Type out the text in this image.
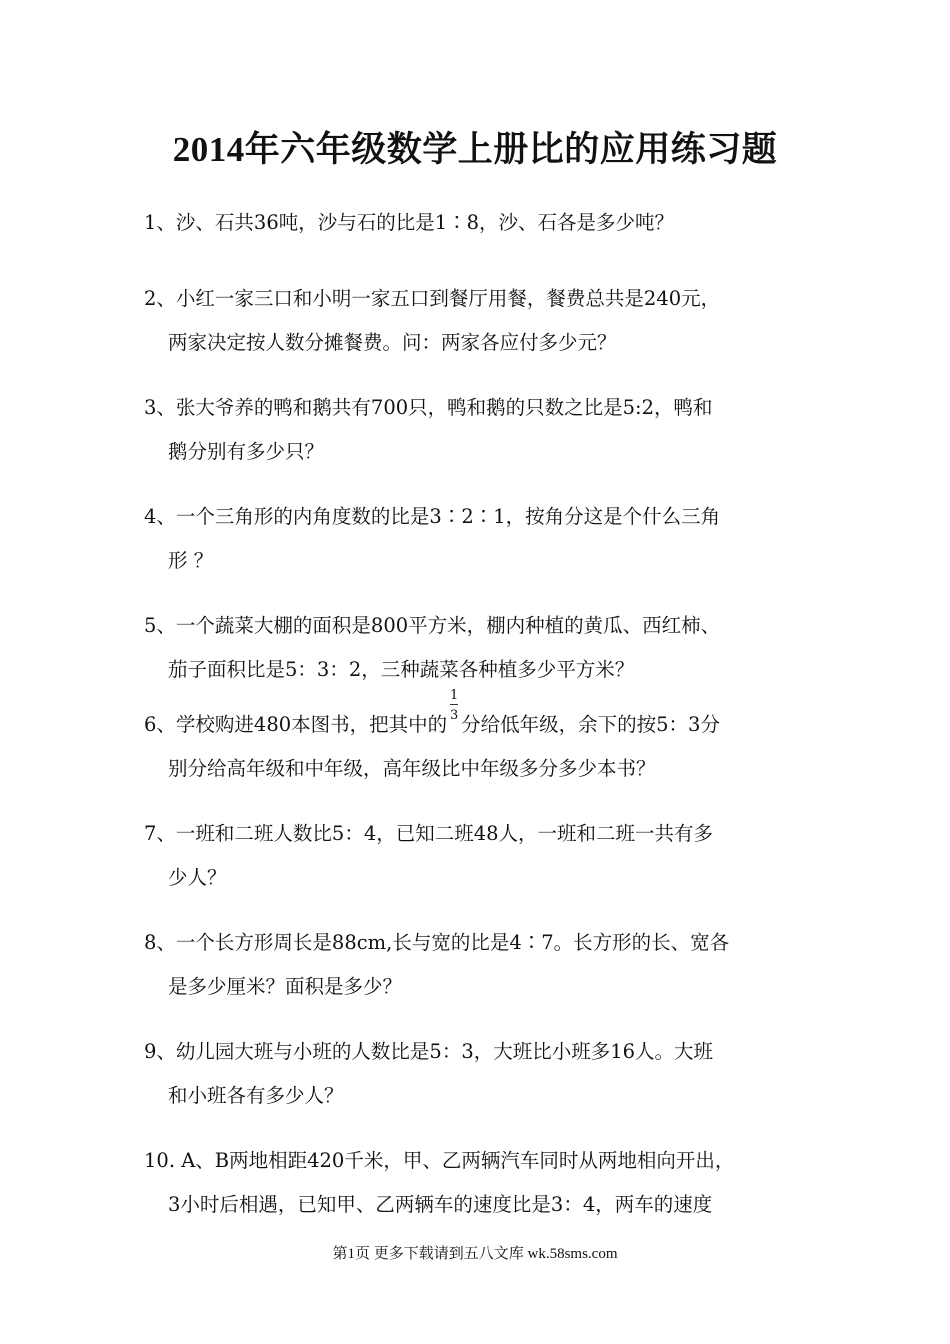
2014年六年级数学上册比的应用练习题
1、沙、石共36吨，沙与石的比是1∶8，沙、石各是多少吨？
2、小红一家三口和小明一家五口到餐厅用餐，餐费总共是240元，
两家决定按人数分摊餐费。问：两家各应付多少元？
3、张大爷养的鸭和鹅共有700只，鸭和鹅的只数之比是5:2，鸭和
鹅分别有多少只？
4、一个三角形的内角度数的比是3∶2∶1，按角分这是个什么三角
形 ？
5、一个蔬菜大棚的面积是800平方米，棚内种植的黄瓜、西红柿、
茄子面积比是5：3：2，三种蔬菜各种植多少平方米？
6、学校购进480本图书，把其中的 $\frac{1}{3}$ 分给低年级，余下的按5：3分
别分给高年级和中年级，高年级比中年级多分多少本书？
7、一班和二班人数比5：4，已知二班48人，一班和二班一共有多
少人？
8、一个长方形周长是88cm,长与宽的比是4∶7。长方形的长、宽各
是多少厘米？面积是多少？
9、幼儿园大班与小班的人数比是5：3，大班比小班多16人。大班
和小班各有多少人？
10. A、B两地相距420千米，甲、乙两辆汽车同时从两地相向开出，
3小时后相遇，已知甲、乙两辆车的速度比是3：4，两车的速度
第1页 更多下载请到五八文库 wk.58sms.com
